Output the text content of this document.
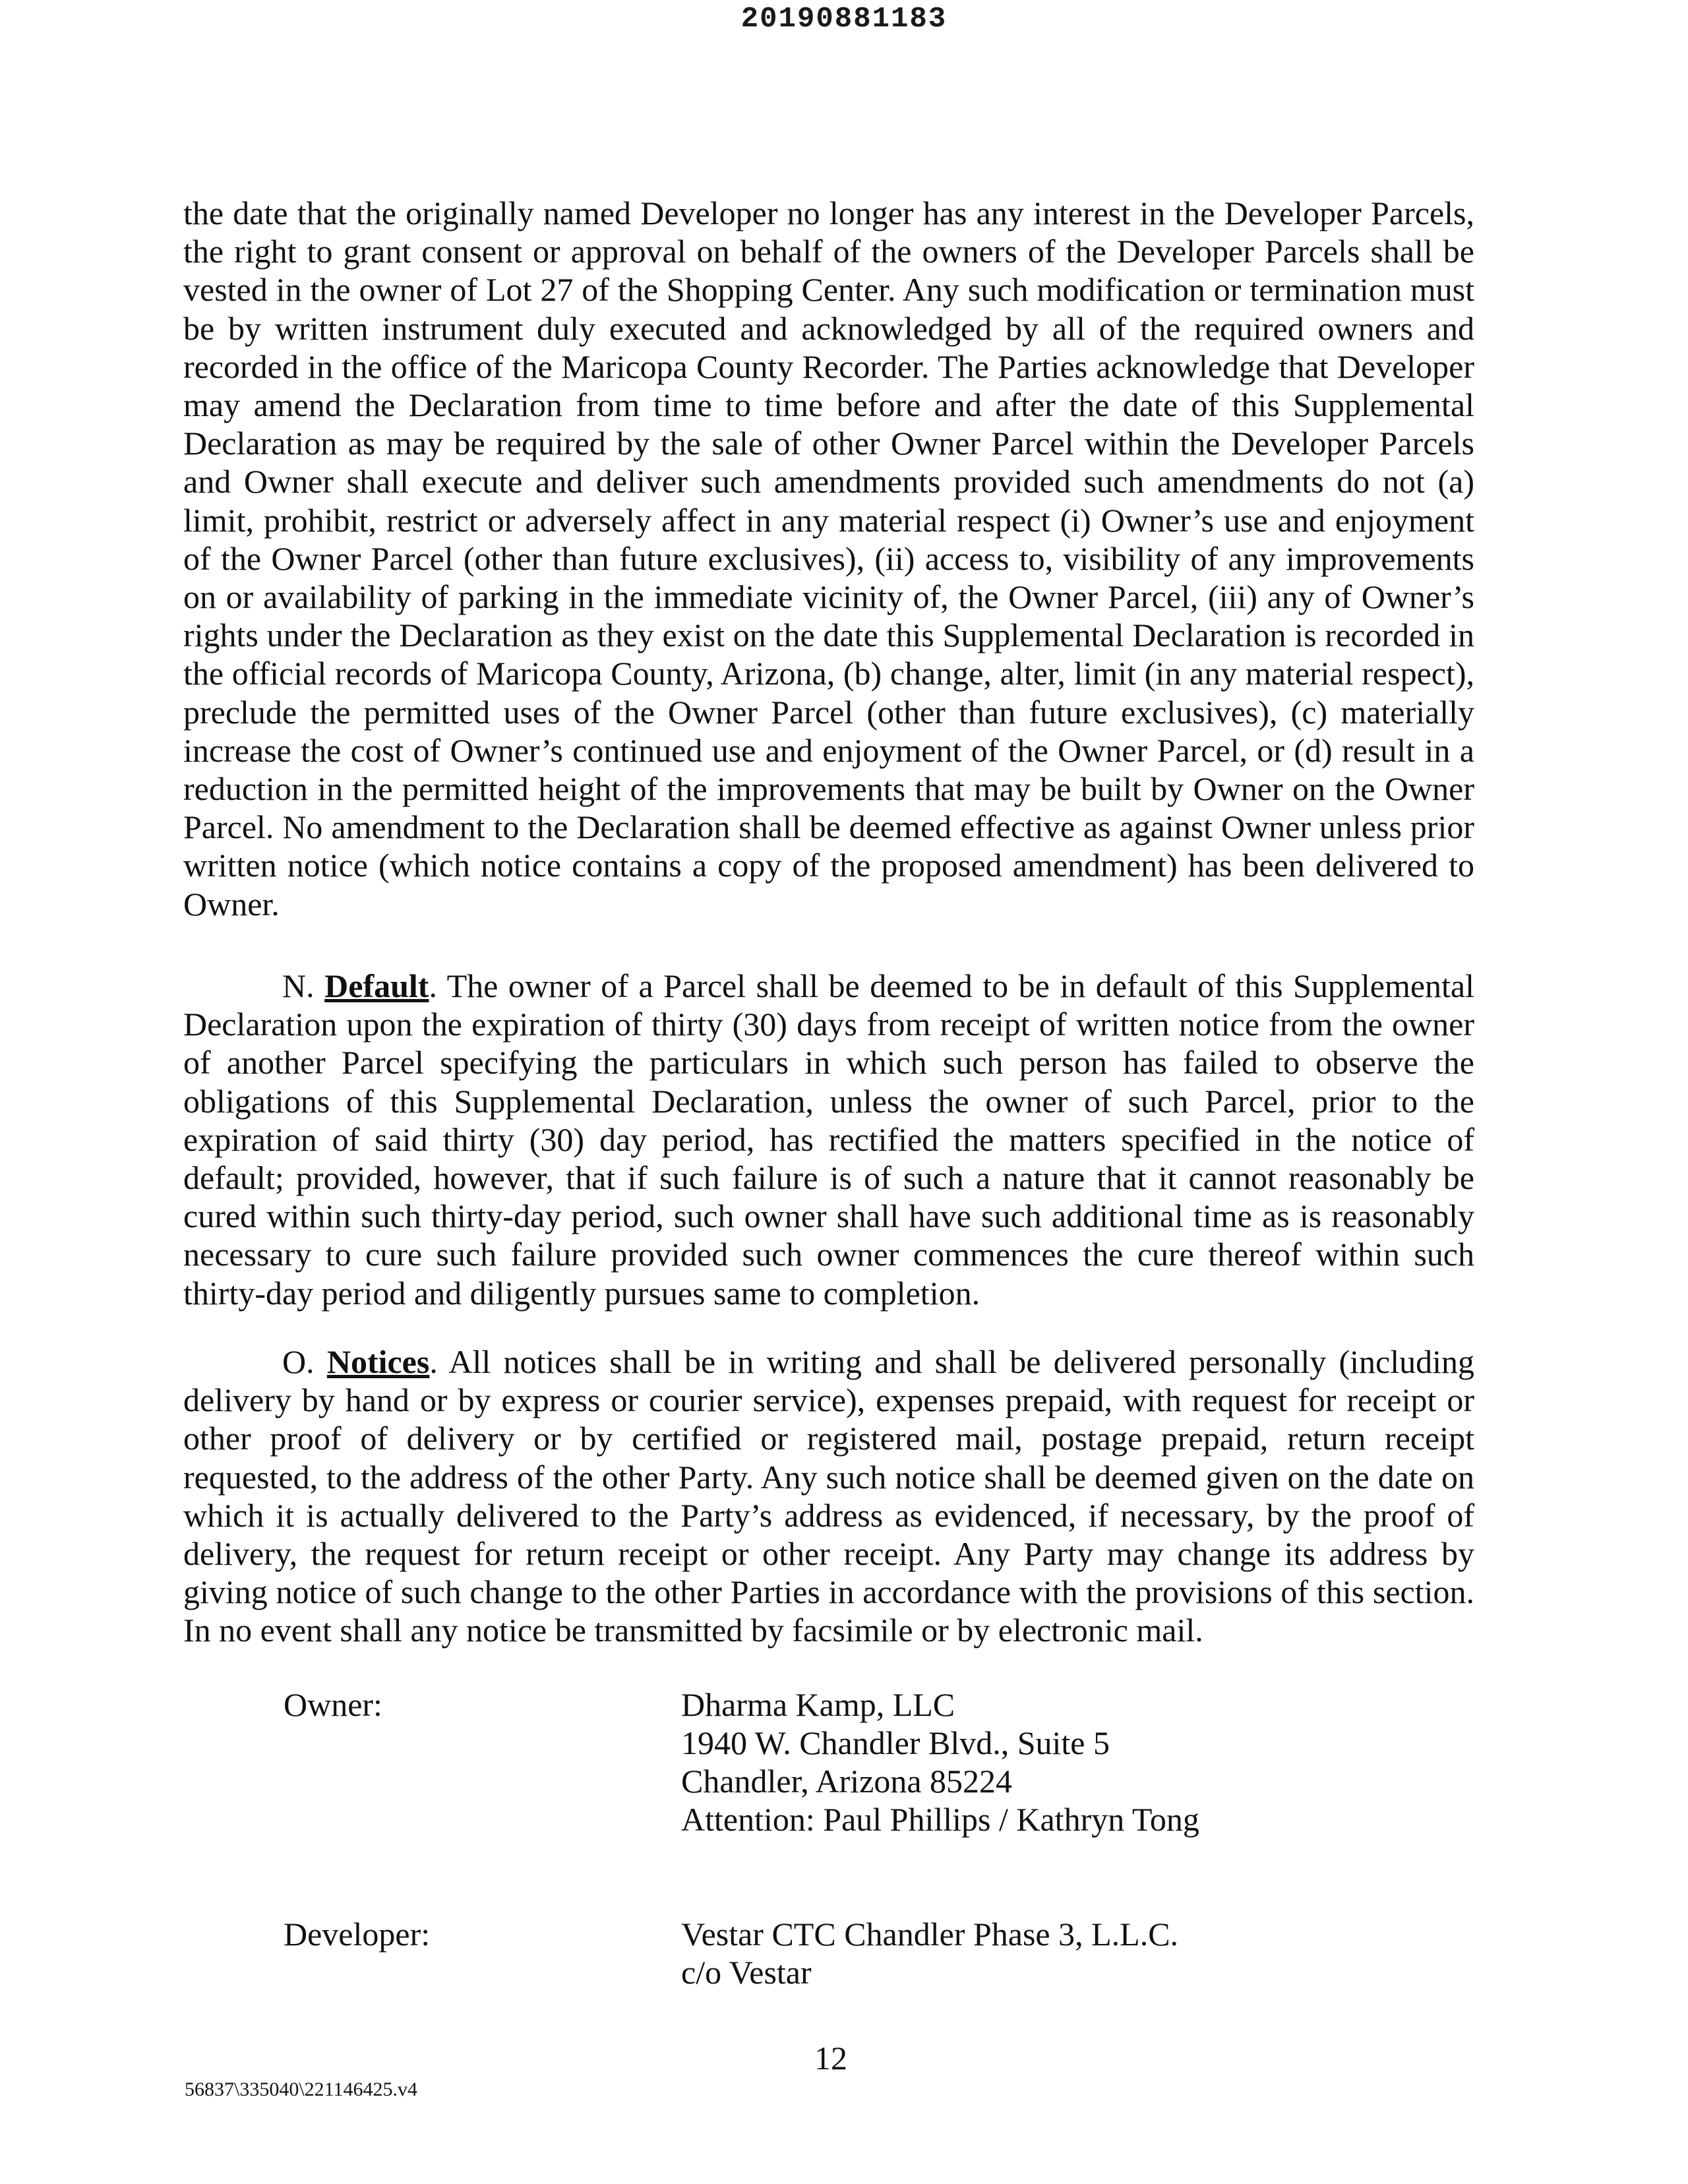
20190881183

the date that the originally named Developer no longer has any interest in the Developer Parcels, the right to grant consent or approval on behalf of the owners of the Developer Parcels shall be vested in the owner of Lot 27 of the Shopping Center. Any such modification or termination must be by written instrument duly executed and acknowledged by all of the required owners and recorded in the office of the Maricopa County Recorder. The Parties acknowledge that Developer may amend the Declaration from time to time before and after the date of this Supplemental Declaration as may be required by the sale of other Owner Parcel within the Developer Parcels and Owner shall execute and deliver such amendments provided such amendments do not (a) limit, prohibit, restrict or adversely affect in any material respect (i) Owner’s use and enjoyment of the Owner Parcel (other than future exclusives), (ii) access to, visibility of any improvements on or availability of parking in the immediate vicinity of, the Owner Parcel, (iii) any of Owner’s rights under the Declaration as they exist on the date this Supplemental Declaration is recorded in the official records of Maricopa County, Arizona, (b) change, alter, limit (in any material respect), preclude the permitted uses of the Owner Parcel (other than future exclusives), (c) materially increase the cost of Owner’s continued use and enjoyment of the Owner Parcel, or (d) result in a reduction in the permitted height of the improvements that may be built by Owner on the Owner Parcel. No amendment to the Declaration shall be deemed effective as against Owner unless prior written notice (which notice contains a copy of the proposed amendment) has been delivered to Owner.

N. Default. The owner of a Parcel shall be deemed to be in default of this Supplemental Declaration upon the expiration of thirty (30) days from receipt of written notice from the owner of another Parcel specifying the particulars in which such person has failed to observe the obligations of this Supplemental Declaration, unless the owner of such Parcel, prior to the expiration of said thirty (30) day period, has rectified the matters specified in the notice of default; provided, however, that if such failure is of such a nature that it cannot reasonably be cured within such thirty-day period, such owner shall have such additional time as is reasonably necessary to cure such failure provided such owner commences the cure thereof within such thirty-day period and diligently pursues same to completion.

O. Notices. All notices shall be in writing and shall be delivered personally (including delivery by hand or by express or courier service), expenses prepaid, with request for receipt or other proof of delivery or by certified or registered mail, postage prepaid, return receipt requested, to the address of the other Party. Any such notice shall be deemed given on the date on which it is actually delivered to the Party’s address as evidenced, if necessary, by the proof of delivery, the request for return receipt or other receipt. Any Party may change its address by giving notice of such change to the other Parties in accordance with the provisions of this section. In no event shall any notice be transmitted by facsimile or by electronic mail.

Owner:	Dharma Kamp, LLC
1940 W. Chandler Blvd., Suite 5
Chandler, Arizona 85224
Attention: Paul Phillips / Kathryn Tong
Developer:	Vestar CTC Chandler Phase 3, L.L.C.
c/o Vestar
12
56837\335040\221146425.v4
